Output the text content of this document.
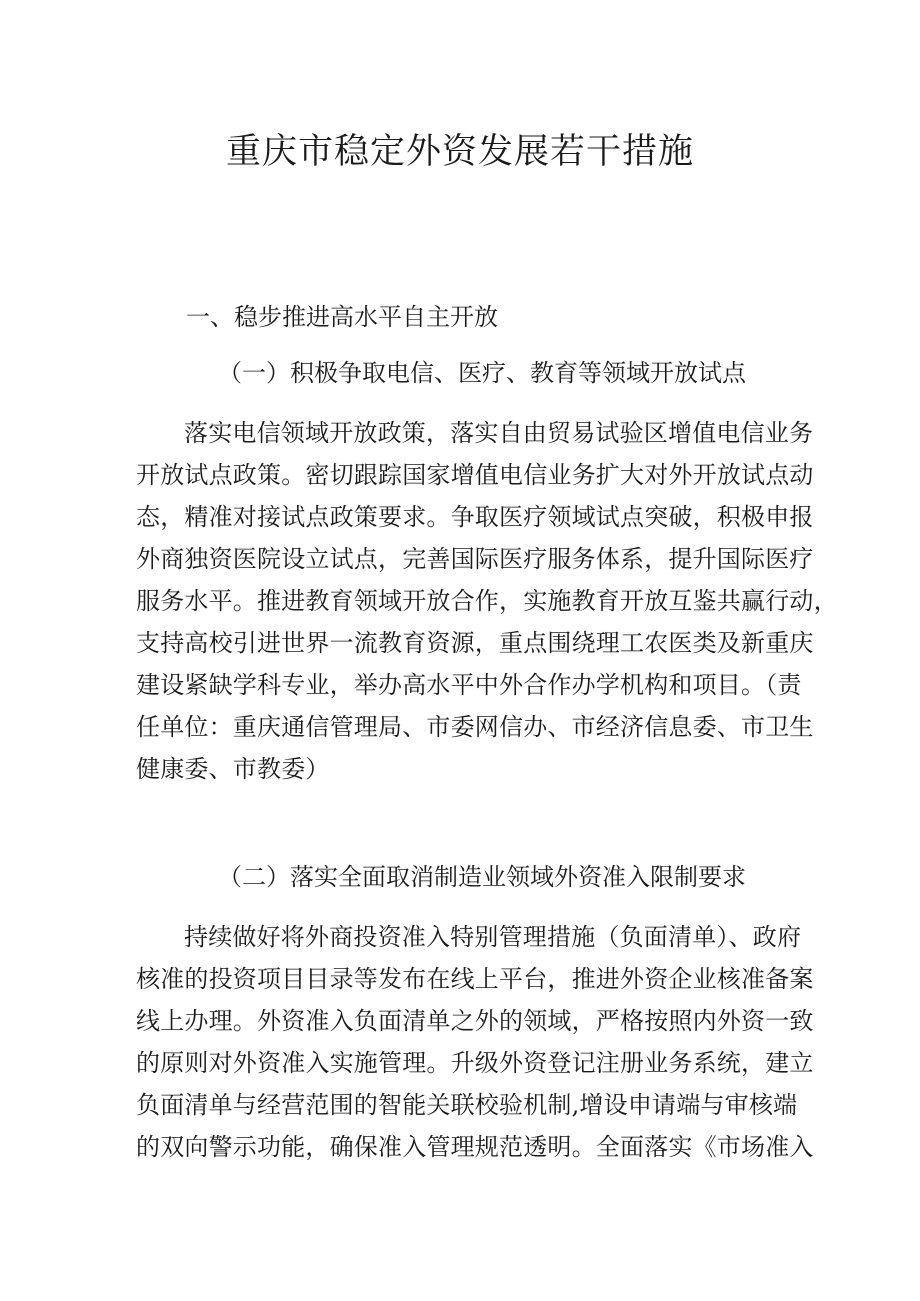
重庆市稳定外资发展若干措施
一、稳步推进高水平自主开放
（一）积极争取电信、医疗、教育等领域开放试点
落实电信领域开放政策，落实自由贸易试验区增值电信业务
开放试点政策。密切跟踪国家增值电信业务扩大对外开放试点动
态，精准对接试点政策要求。争取医疗领域试点突破，积极申报
外商独资医院设立试点，完善国际医疗服务体系，提升国际医疗
服务水平。推进教育领域开放合作，实施教育开放互鉴共赢行动，
支持高校引进世界一流教育资源，重点围绕理工农医类及新重庆
建设紧缺学科专业，举办高水平中外合作办学机构和项目。（责
任单位：重庆通信管理局、市委网信办、市经济信息委、市卫生
健康委、市教委）
（二）落实全面取消制造业领域外资准入限制要求
持续做好将外商投资准入特别管理措施（负面清单）、政府
核准的投资项目目录等发布在线上平台，推进外资企业核准备案
线上办理。外资准入负面清单之外的领域，严格按照内外资一致
的原则对外资准入实施管理。升级外资登记注册业务系统，建立
负面清单与经营范围的智能关联校验机制,增设申请端与审核端
的双向警示功能，确保准入管理规范透明。全面落实《市场准入
